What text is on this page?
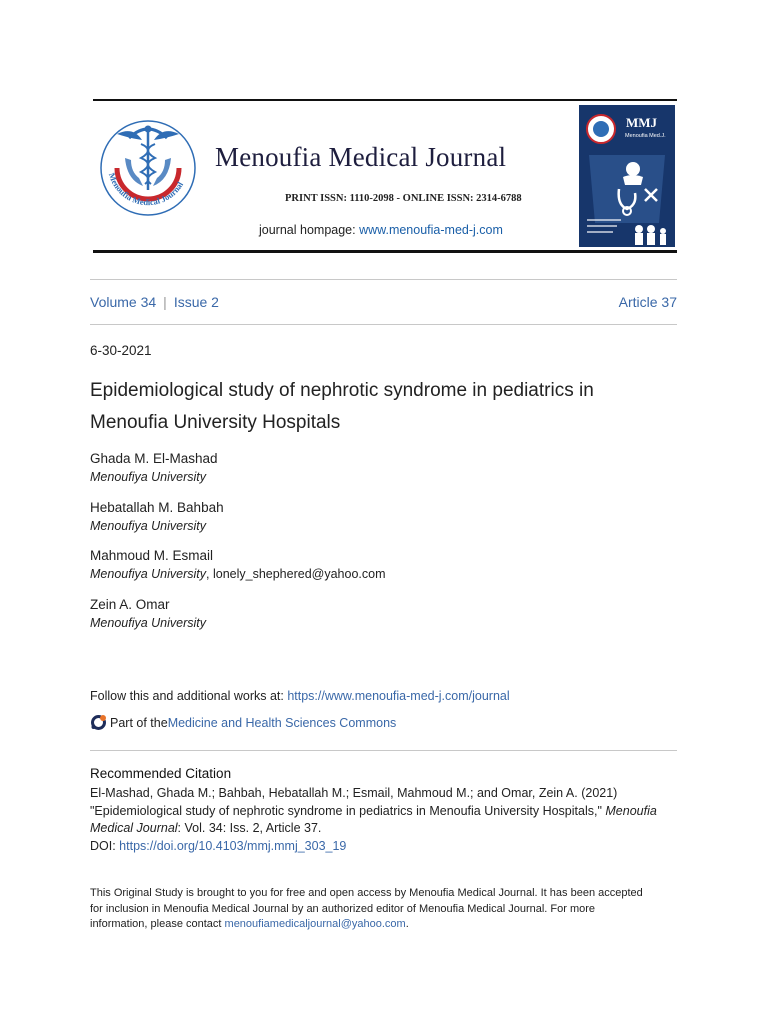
Menoufia Medical Journal
Menoufia Medical Journal
PRINT ISSN: 1110-2098 - ONLINE ISSN: 2314-6788
journal hompage: www.menoufia-med-j.com
MMJ
Menoufia Med.J.
Volume 34 | Issue 2	Article 37
6-30-2021
Epidemiological study of nephrotic syndrome in pediatrics in
Menoufia University Hospitals
Ghada M. El-Mashad
Menoufiya University
Hebatallah M. Bahbah
Menoufiya University
Mahmoud M. Esmail
Menoufiya University, lonely_shephered@yahoo.com
Zein A. Omar
Menoufiya University
Follow this and additional works at: https://www.menoufia-med-j.com/journal
Part of the Medicine and Health Sciences Commons
Recommended Citation
El-Mashad, Ghada M.; Bahbah, Hebatallah M.; Esmail, Mahmoud M.; and Omar, Zein A. (2021)
"Epidemiological study of nephrotic syndrome in pediatrics in Menoufia University Hospitals," Menoufia
Medical Journal: Vol. 34: Iss. 2, Article 37.
DOI: https://doi.org/10.4103/mmj.mmj_303_19
This Original Study is brought to you for free and open access by Menoufia Medical Journal. It has been accepted
for inclusion in Menoufia Medical Journal by an authorized editor of Menoufia Medical Journal. For more
information, please contact menoufiamedicaljournal@yahoo.com.
